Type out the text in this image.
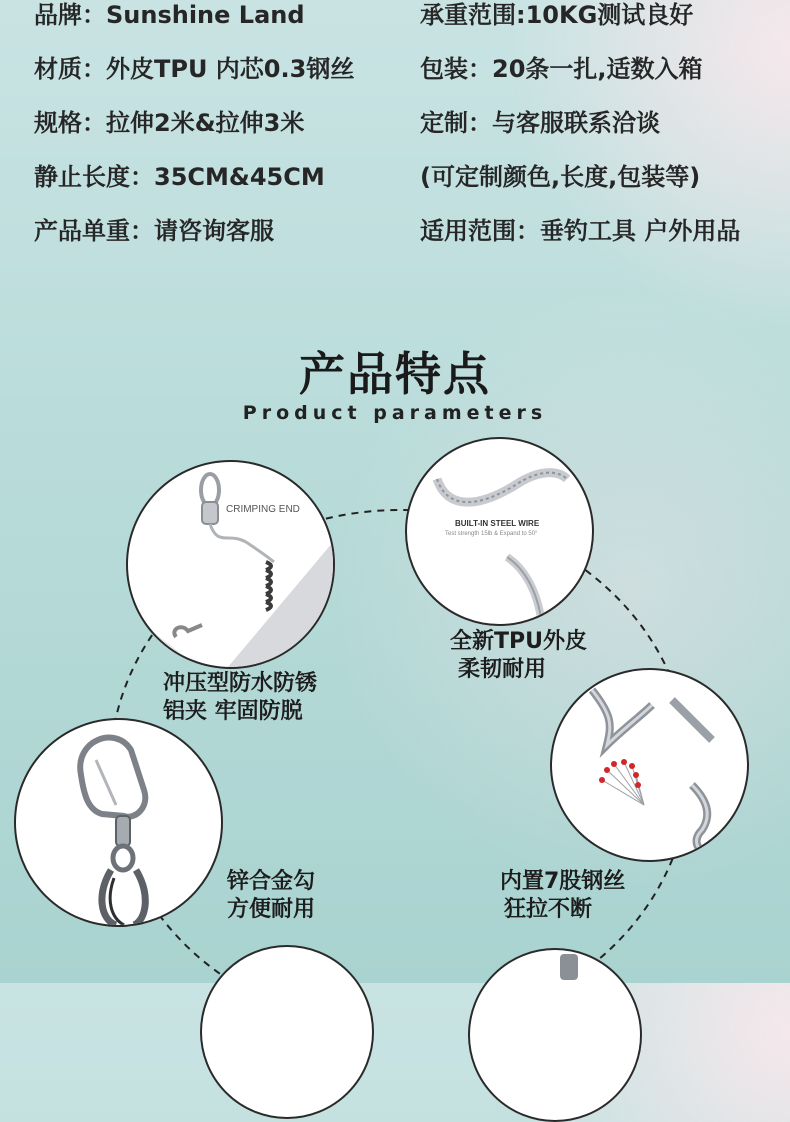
品牌：Sunshine Land	承重范围:10KG测试良好
材质：外皮TPU 内芯0.3钢丝	包装：20条一扎,适数入箱
规格：拉伸2米&拉伸3米	定制：与客服联系洽谈
静止长度：35CM&45CM	(可定制颜色,长度,包装等)
产品单重：请咨询客服	适用范围：垂钓工具 户外用品
产品特点
Product parameters
CRIMPING END
BUILT-IN STEEL WIRE
Test strength 15lb & Expand to 50°
冲压型防水防锈
铝夹 牢固防脱
全新TPU外皮
柔韧耐用
锌合金勾
方便耐用
内置7股钢丝
狂拉不断
